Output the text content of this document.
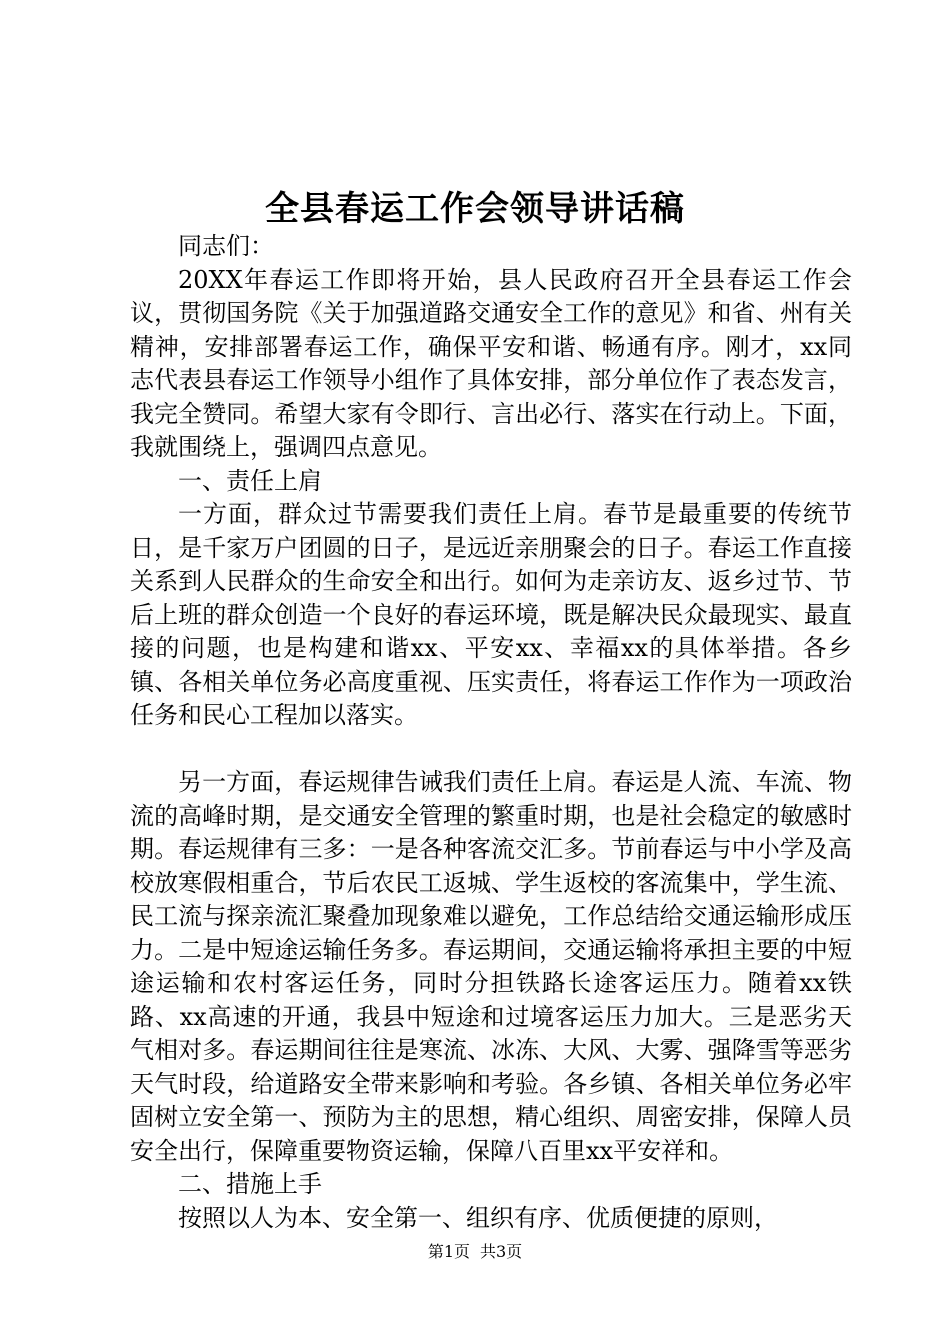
全县春运工作会领导讲话稿

同志们：

20XX年春运工作即将开始，县人民政府召开全县春运工作会议，贯彻国务院《关于加强道路交通安全工作的意见》和省、州有关精神，安排部署春运工作，确保平安和谐、畅通有序。刚才，xx同志代表县春运工作领导小组作了具体安排，部分单位作了表态发言，我完全赞同。希望大家有令即行、言出必行、落实在行动上。下面，我就围绕上，强调四点意见。

一、责任上肩

一方面，群众过节需要我们责任上肩。春节是最重要的传统节日，是千家万户团圆的日子，是远近亲朋聚会的日子。春运工作直接关系到人民群众的生命安全和出行。如何为走亲访友、返乡过节、节后上班的群众创造一个良好的春运环境，既是解决民众最现实、最直接的问题，也是构建和谐xx、平安xx、幸福xx的具体举措。各乡镇、各相关单位务必高度重视、压实责任，将春运工作作为一项政治任务和民心工程加以落实。

另一方面，春运规律告诫我们责任上肩。春运是人流、车流、物流的高峰时期，是交通安全管理的繁重时期，也是社会稳定的敏感时期。春运规律有三多：一是各种客流交汇多。节前春运与中小学及高校放寒假相重合，节后农民工返城、学生返校的客流集中，学生流、民工流与探亲流汇聚叠加现象难以避免，工作总结给交通运输形成压力。二是中短途运输任务多。春运期间，交通运输将承担主要的中短途运输和农村客运任务，同时分担铁路长途客运压力。随着xx铁路、xx高速的开通，我县中短途和过境客运压力加大。三是恶劣天气相对多。春运期间往往是寒流、冰冻、大风、大雾、强降雪等恶劣天气时段，给道路安全带来影响和考验。各乡镇、各相关单位务必牢固树立安全第一、预防为主的思想，精心组织、周密安排，保障人员安全出行，保障重要物资运输，保障八百里xx平安祥和。

二、措施上手

按照以人为本、安全第一、组织有序、优质便捷的原则，

第1页 共3页
